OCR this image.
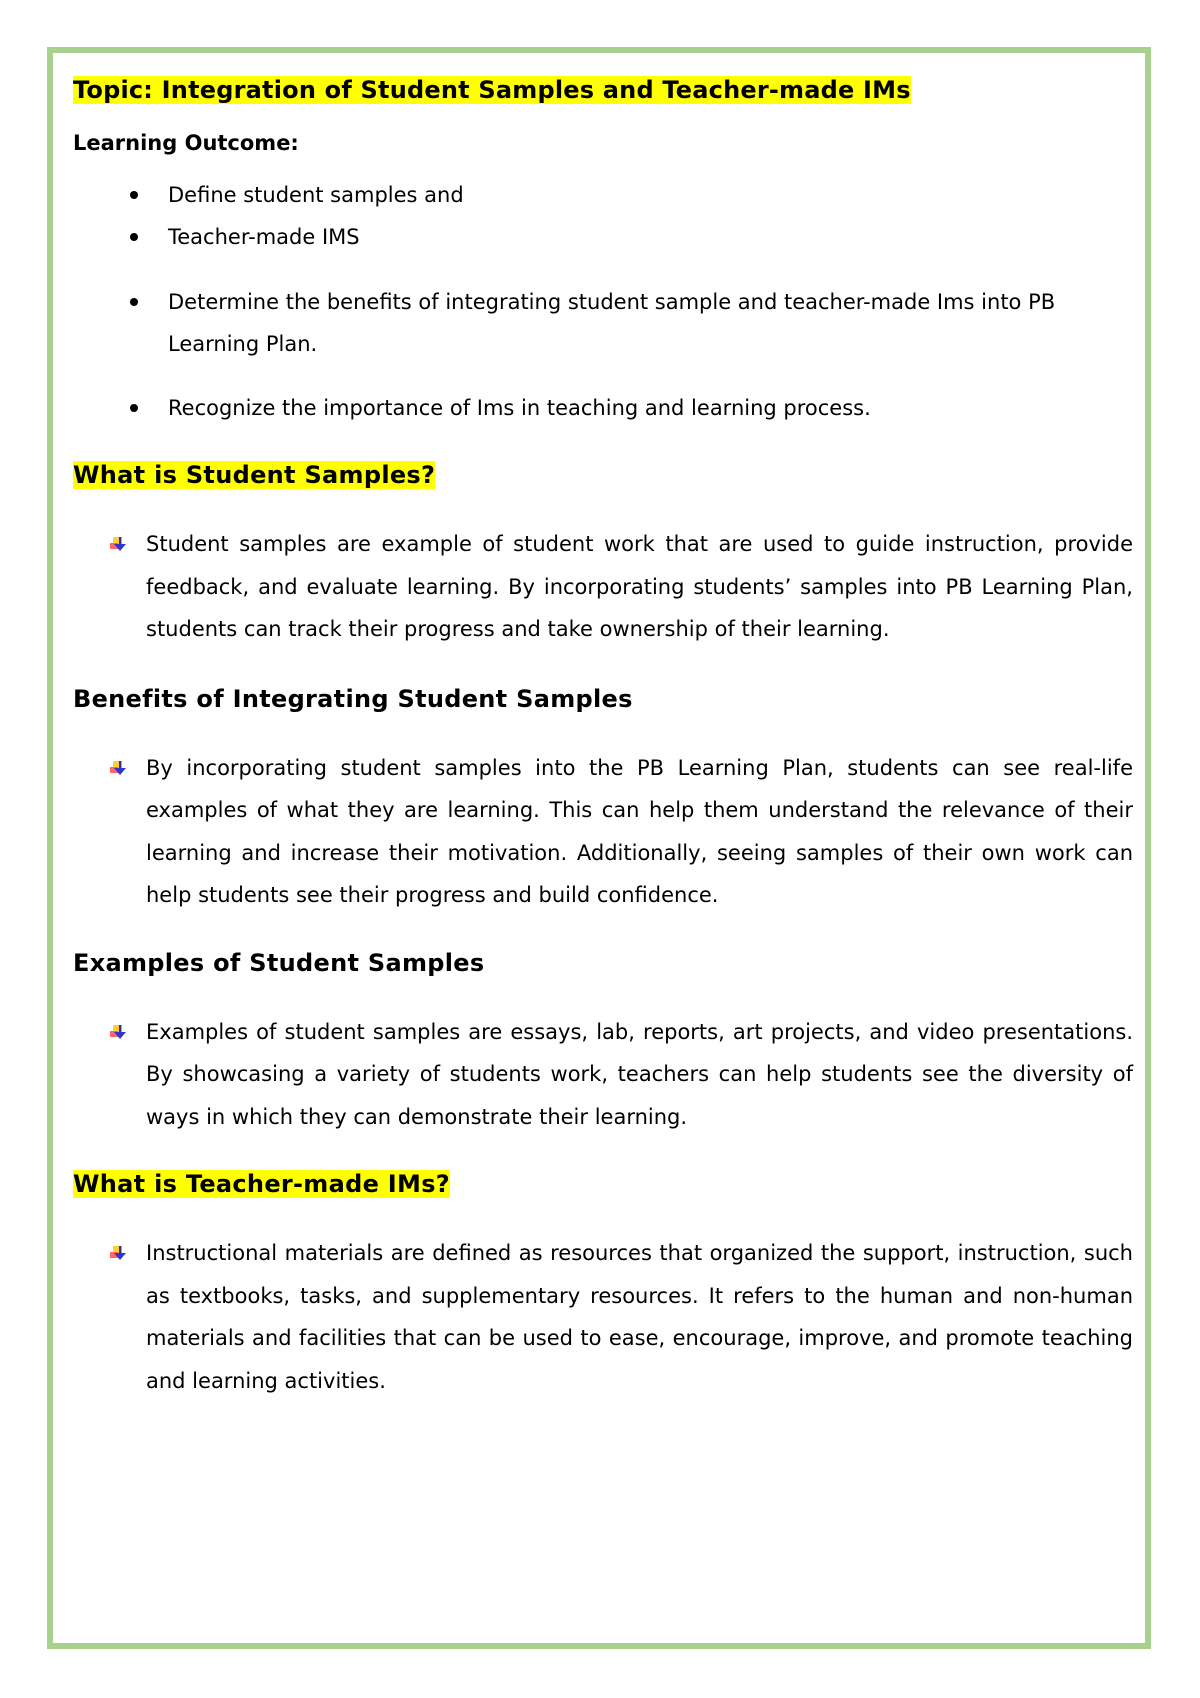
Topic: Integration of Student Samples and Teacher-made IMs
Learning Outcome:
Define student samples and
Teacher-made IMS
Determine the benefits of integrating student sample and teacher-made Ims into PB Learning Plan.
Recognize the importance of Ims in teaching and learning process.
What is Student Samples?

Student samples are example of student work that are used to guide instruction, provide feedback, and evaluate learning. By incorporating students’ samples into PB Learning Plan, students can track their progress and take ownership of their learning.

Benefits of Integrating Student Samples

By incorporating student samples into the PB Learning Plan, students can see real-life examples of what they are learning. This can help them understand the relevance of their learning and increase their motivation. Additionally, seeing samples of their own work can help students see their progress and build confidence.

Examples of Student Samples

Examples of student samples are essays, lab, reports, art projects, and video presentations. By showcasing a variety of students work, teachers can help students see the diversity of ways in which they can demonstrate their learning.

What is Teacher-made IMs?

Instructional materials are defined as resources that organized the support, instruction, such as textbooks, tasks, and supplementary resources. It refers to the human and non-human materials and facilities that can be used to ease, encourage, improve, and promote teaching and learning activities.
